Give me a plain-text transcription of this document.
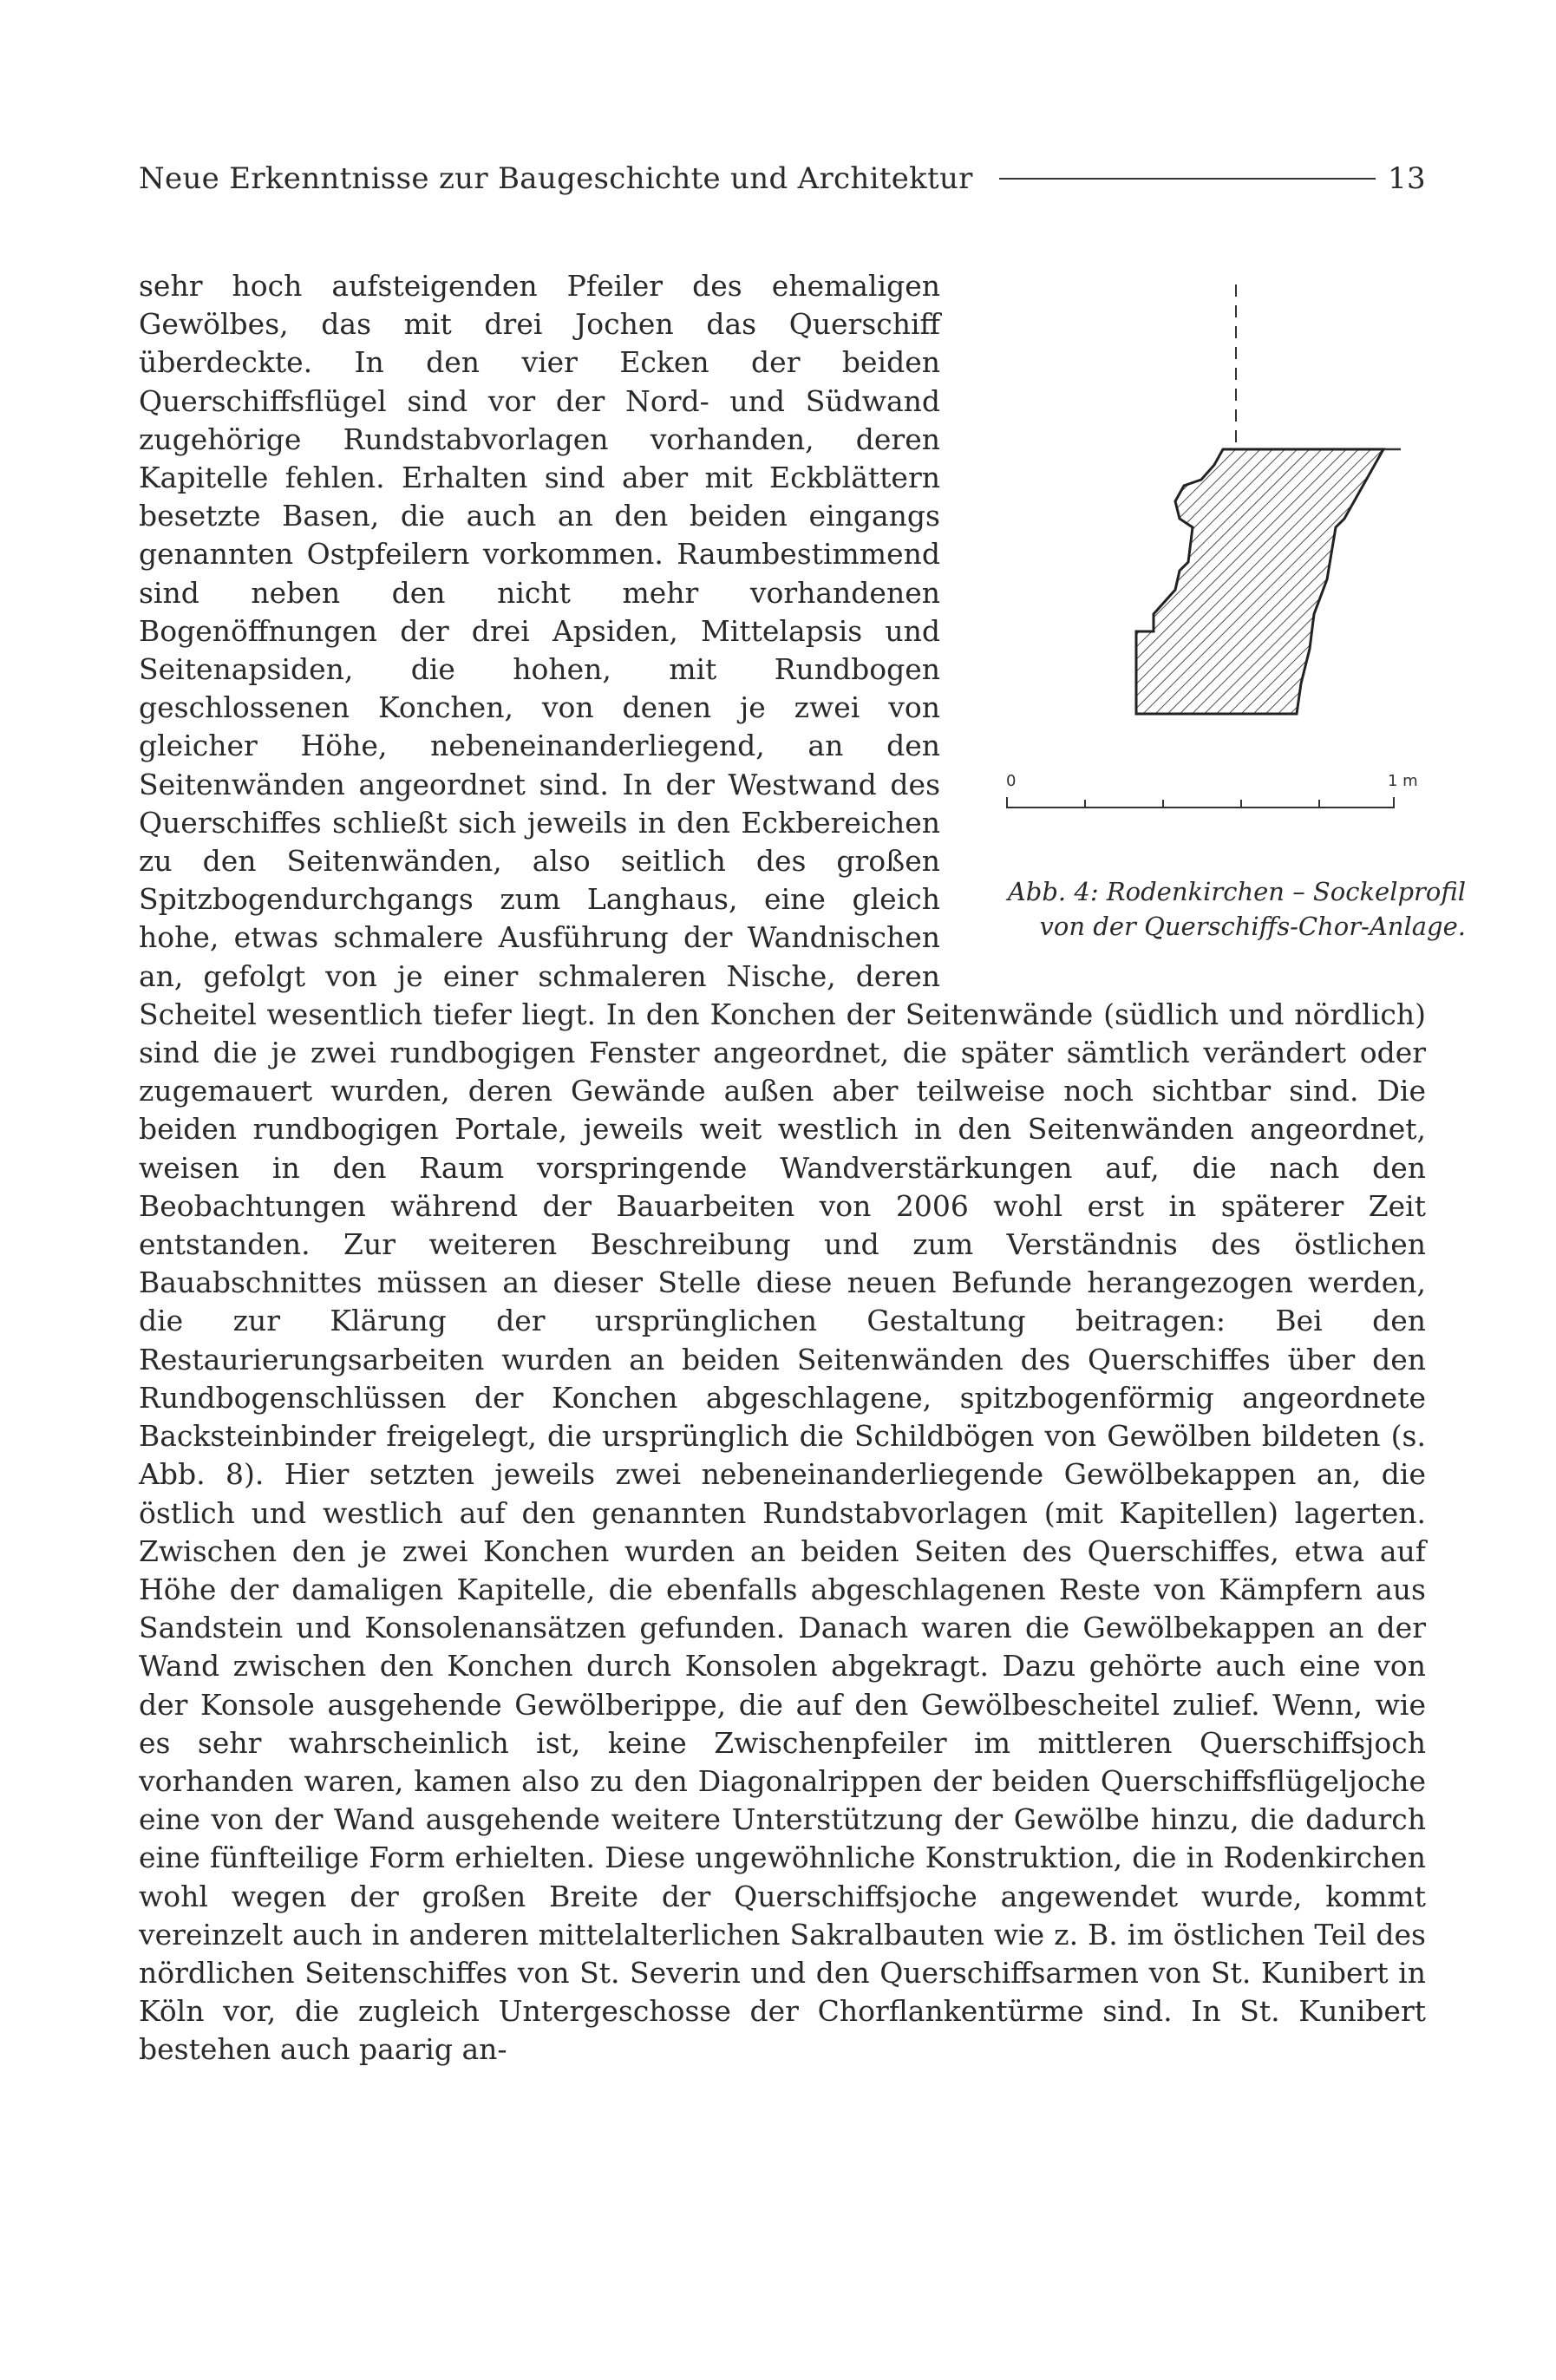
Neue Erkenntnisse zur Baugeschichte und Architektur	13
sehr hoch aufsteigenden Pfeiler des ehemaligen Gewölbes, das mit drei Jochen das Querschiff überdeckte. In den vier Ecken der beiden Querschiffsflügel sind vor der Nord- und Südwand zugehörige Rundstabvorlagen vorhanden, deren Kapitelle fehlen. Erhalten sind aber mit Eckblättern besetzte Basen, die auch an den beiden eingangs genannten Ostpfeilern vorkommen. Raumbestimmend sind neben den nicht mehr vorhandenen Bogenöffnungen der drei Apsiden, Mittelapsis und Seitenapsiden, die hohen, mit Rundbogen geschlossenen Konchen, von denen je zwei von gleicher Höhe, nebeneinanderliegend, an den Seitenwänden angeordnet sind. In der Westwand des Querschiffes schließt sich jeweils in den Eckbereichen zu den Seitenwänden, also seitlich des großen Spitzbogendurchgangs zum Langhaus, eine gleich hohe, etwas schmalere Ausführung der Wandnischen an, gefolgt von je einer schmaleren Nische, deren Scheitel wesentlich tiefer liegt. In den Konchen der Seitenwände (südlich und nördlich) sind die je zwei rundbogigen Fenster angeordnet, die später sämtlich verändert oder zugemauert wurden, deren Gewände außen aber teilweise noch sichtbar sind. Die beiden rundbogigen Portale, jeweils weit westlich in den Seitenwänden angeordnet, weisen in den Raum vorspringende Wandverstärkungen auf, die nach den Beobachtungen während der Bauarbeiten von 2006 wohl erst in späterer Zeit entstanden. Zur weiteren Beschreibung und zum Verständnis des östlichen Bauabschnittes müssen an dieser Stelle diese neuen Befunde herangezogen werden, die zur Klärung der ursprünglichen Gestaltung beitragen: Bei den Restaurierungsarbeiten wurden an beiden Seitenwänden des Querschiffes über den Rundbogenschlüssen der Konchen abgeschlagene, spitzbogenförmig angeordnete Backsteinbinder freigelegt, die ursprünglich die Schildbögen von Gewölben bildeten (s. Abb. 8). Hier setzten jeweils zwei nebeneinanderliegende Gewölbekappen an, die östlich und westlich auf den genannten Rundstabvorlagen (mit Kapitellen) lagerten. Zwischen den je zwei Konchen wurden an beiden Seiten des Querschiffes, etwa auf Höhe der damaligen Kapitelle, die ebenfalls abgeschlagenen Reste von Kämpfern aus Sandstein und Konsolenansätzen gefunden. Danach waren die Gewölbekappen an der Wand zwischen den Konchen durch Konsolen abgekragt. Dazu gehörte auch eine von der Konsole ausgehende Gewölberippe, die auf den Gewölbescheitel zulief. Wenn, wie es sehr wahrscheinlich ist, keine Zwischenpfeiler im mittleren Querschiffsjoch vorhanden waren, kamen also zu den Diagonalrippen der beiden Querschiffsflügeljoche eine von der Wand ausgehende weitere Unterstützung der Gewölbe hinzu, die dadurch eine fünfteilige Form erhielten. Diese ungewöhnliche Konstruktion, die in Rodenkirchen wohl wegen der großen Breite der Querschiffsjoche angewendet wurde, kommt vereinzelt auch in anderen mittelalterlichen Sakralbauten wie z. B. im östlichen Teil des nördlichen Seitenschiffes von St. Severin und den Querschiffsarmen von St. Kunibert in Köln vor, die zugleich Untergeschosse der Chorflankentürme sind. In St. Kunibert bestehen auch paarig an-
0	1 m
Abb. 4: Rodenkirchen – Sockelprofil
von der Querschiffs-Chor-Anlage.
